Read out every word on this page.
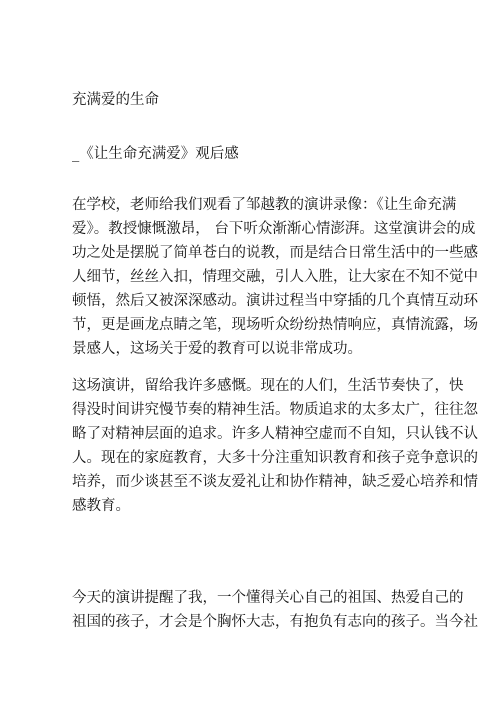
充满爱的生命
_《让生命充满爱》观后感
在学校，老师给我们观看了邹越教的演讲录像：《让生命充满
爱》。教授慷慨激昂， 台下听众渐渐心情澎湃。这堂演讲会的成
功之处是摆脱了简单苍白的说教，而是结合日常生活中的一些感
人细节，丝丝入扣，情理交融，引人入胜，让大家在不知不觉中
顿悟，然后又被深深感动。演讲过程当中穿插的几个真情互动环
节，更是画龙点睛之笔，现场听众纷纷热情响应，真情流露，场
景感人，这场关于爱的教育可以说非常成功。
这场演讲，留给我许多感慨。现在的人们，生活节奏快了，快
得没时间讲究慢节奏的精神生活。物质追求的太多太广，往往忽
略了对精神层面的追求。许多人精神空虚而不自知，只认钱不认
人。现在的家庭教育，大多十分注重知识教育和孩子竞争意识的
培养，而少谈甚至不谈友爱礼让和协作精神，缺乏爱心培养和情
感教育。
今天的演讲提醒了我，一个懂得关心自己的祖国、热爱自己的
祖国的孩子，才会是个胸怀大志，有抱负有志向的孩子。当今社
